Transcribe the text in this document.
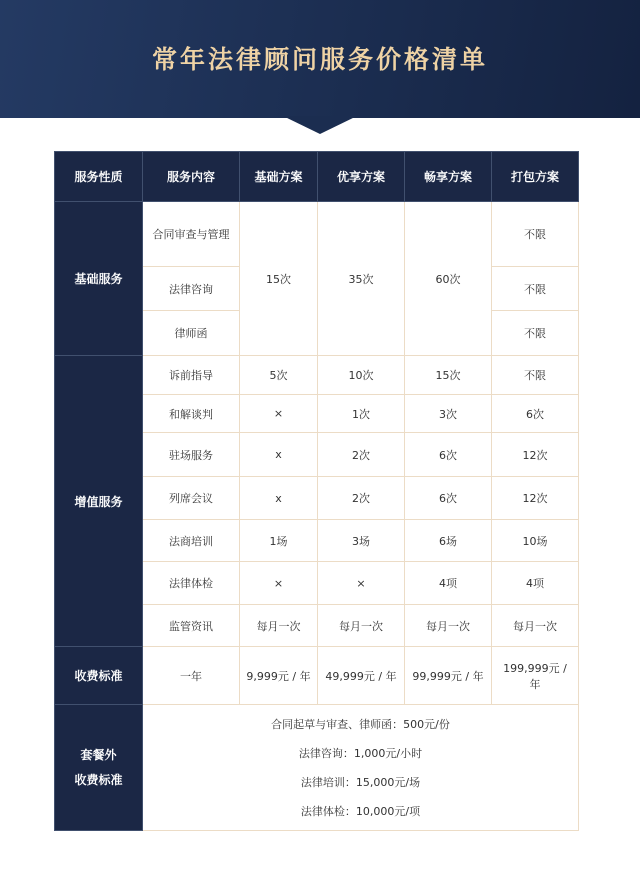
常年法律顾问服务价格清单
服务性质	服务内容	基础方案	优享方案	畅享方案	打包方案
基础服务	合同审查与管理	15次	35次	60次	不限
	法律咨询				不限
	律师函				不限
增值服务	诉前指导	5次	10次	15次	不限
	和解谈判	×	1次	3次	6次
	驻场服务	x	2次	6次	12次
	列席会议	x	2次	6次	12次
	法商培训	1场	3场	6场	10场
	法律体检	×	×	4项	4项
	监管资讯	每月一次	每月一次	每月一次	每月一次
收费标准	一年	9,999元 / 年	49,999元 / 年	99,999元 / 年	199,999元 /
年

套餐外
收费标准	合同起草与审查、律师函：500元/份
法律咨询：1,000元/小时
法律培训：15,000元/场
法律体检：10,000元/项				
